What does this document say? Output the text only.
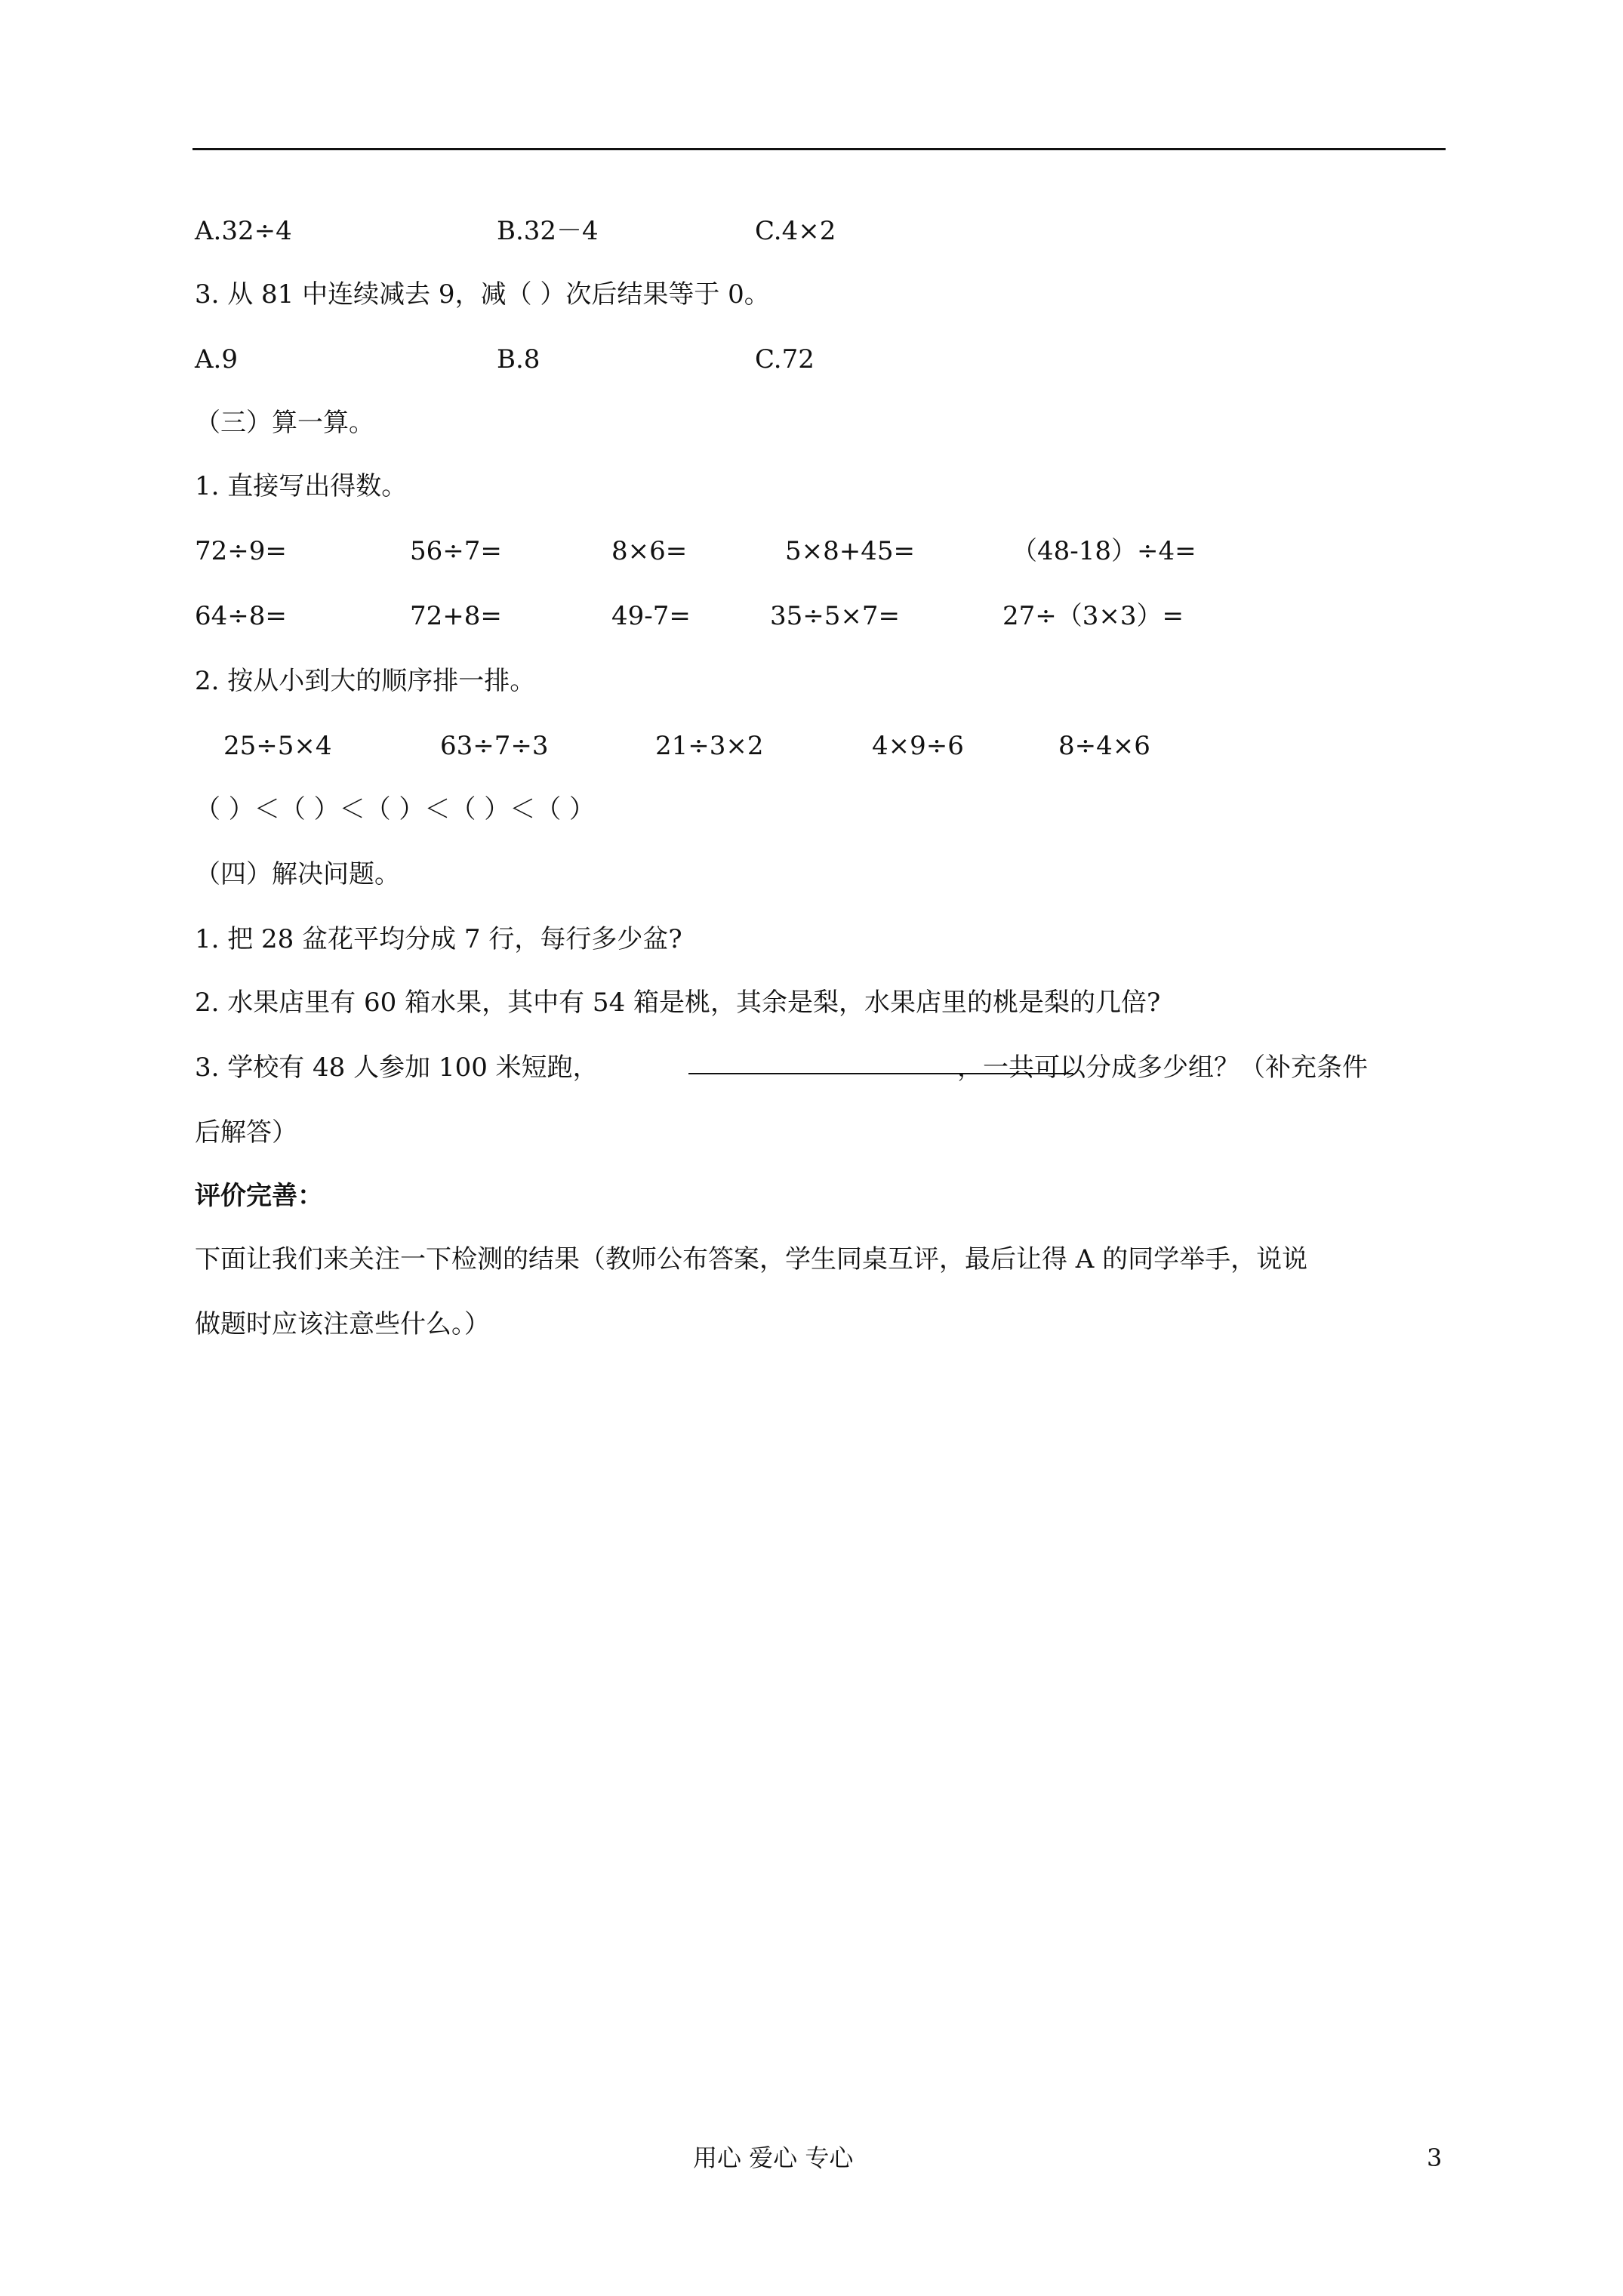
A.32÷4	B.32－4	C.4×2
3. 从 81 中连续减去 9，减（ ）次后结果等于 0。
A.9	B.8	C.72
（三）算一算。
1. 直接写出得数。
72÷9=	56÷7=	8×6=	5×8+45=	（48-18）÷4=
64÷8=	72+8=	49-7=	35÷5×7=	27÷（3×3）=
2. 按从小到大的顺序排一排。
25÷5×4	63÷7÷3	21÷3×2	4×9÷6	8÷4×6
（ ）＜（ ）＜（ ）＜（ ）＜（ ）
（四）解决问题。
1. 把 28 盆花平均分成 7 行，每行多少盆?
2. 水果店里有 60 箱水果，其中有 54 箱是桃，其余是梨，水果店里的桃是梨的几倍?
3. 学校有 48 人参加 100 米短跑，	，一共可以分成多少组？（补充条件
后解答）
评价完善：
下面让我们来关注一下检测的结果（教师公布答案，学生同桌互评，最后让得 A 的同学举手，说说
做题时应该注意些什么。）
用心 爱心 专心	3
